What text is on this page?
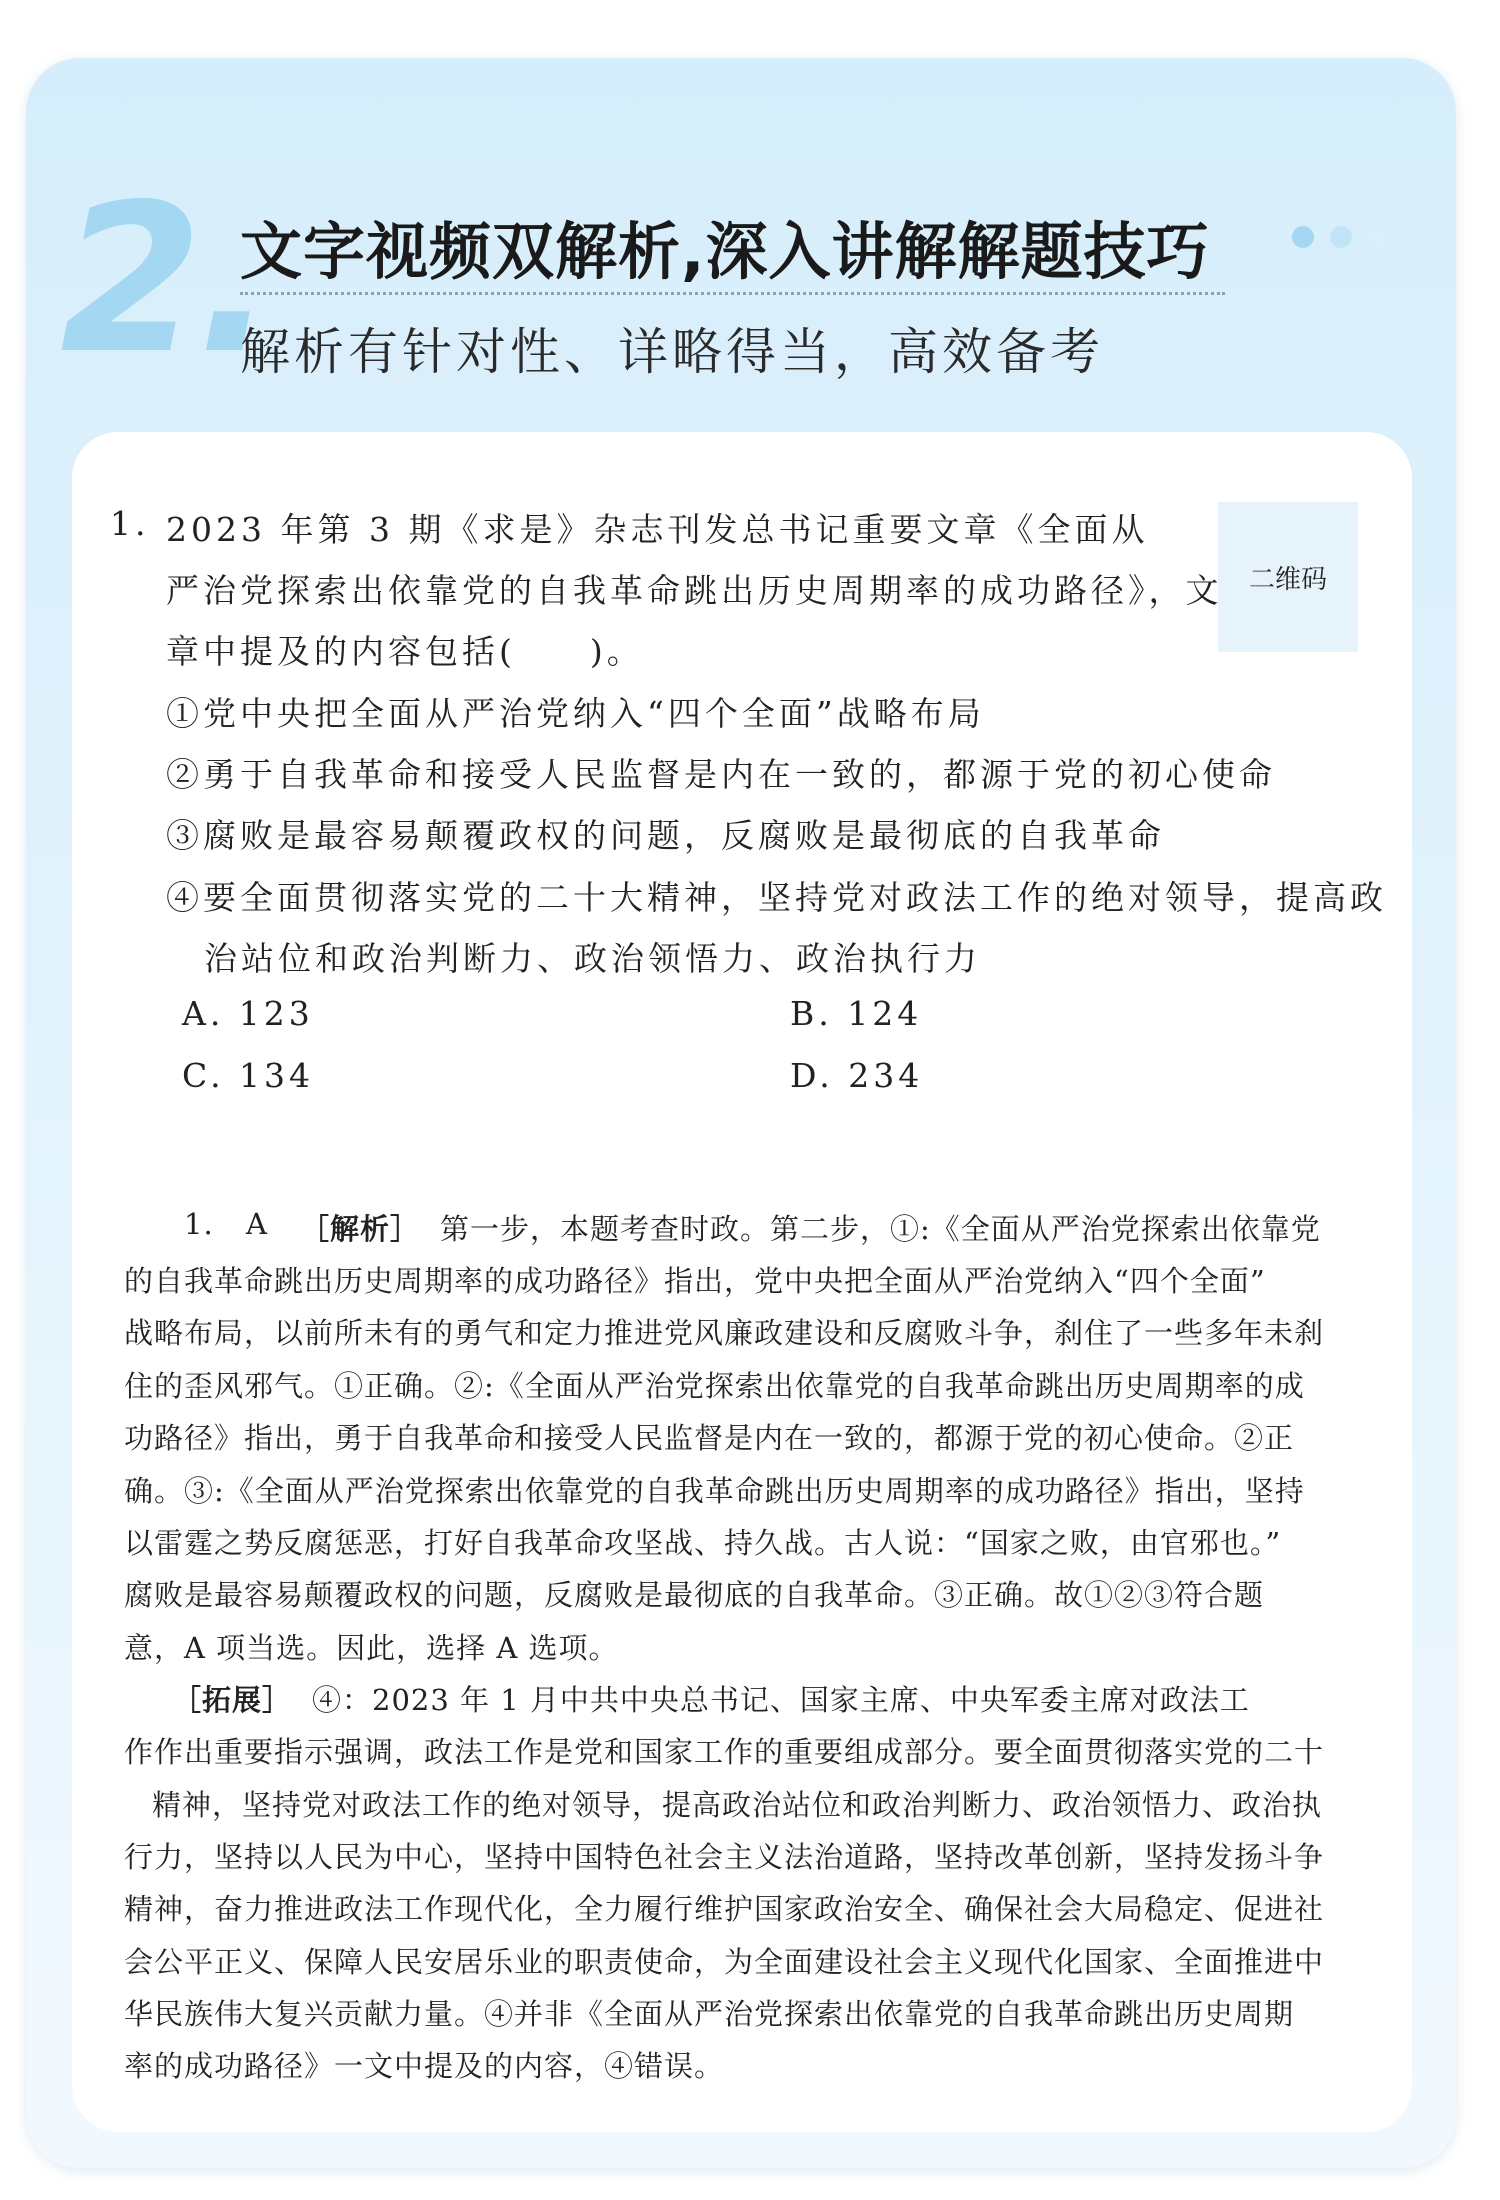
2.
文字视频双解析,深入讲解解题技巧
解析有针对性、详略得当，高效备考
二维码
1. 2023 年第 3 期《求是》杂志刊发总书记重要文章《全面从
严治党探索出依靠党的自我革命跳出历史周期率的成功路径》，文
章中提及的内容包括(　　)。
①党中央把全面从严治党纳入“四个全面”战略布局
②勇于自我革命和接受人民监督是内在一致的，都源于党的初心使命
③腐败是最容易颠覆政权的问题，反腐败是最彻底的自我革命
④要全面贯彻落实党的二十大精神，坚持党对政法工作的绝对领导，提高政
治站位和政治判断力、政治领悟力、政治执行力
A. 123	B. 124
C. 134	D. 234
1. A ［解析］ 第一步，本题考查时政。第二步，①:《全面从严治党探索出依靠党
的自我革命跳出历史周期率的成功路径》指出，党中央把全面从严治党纳入“四个全面”
战略布局，以前所未有的勇气和定力推进党风廉政建设和反腐败斗争，刹住了一些多年未刹
住的歪风邪气。①正确。②:《全面从严治党探索出依靠党的自我革命跳出历史周期率的成
功路径》指出，勇于自我革命和接受人民监督是内在一致的，都源于党的初心使命。②正
确。③:《全面从严治党探索出依靠党的自我革命跳出历史周期率的成功路径》指出，坚持
以雷霆之势反腐惩恶，打好自我革命攻坚战、持久战。古人说：“国家之败，由官邪也。”
腐败是最容易颠覆政权的问题，反腐败是最彻底的自我革命。③正确。故①②③符合题
意，A 项当选。因此，选择 A 选项。
［拓展］ ④：2023 年 1 月中共中央总书记、国家主席、中央军委主席对政法工
作作出重要指示强调，政法工作是党和国家工作的重要组成部分。要全面贯彻落实党的二十
精神，坚持党对政法工作的绝对领导，提高政治站位和政治判断力、政治领悟力、政治执
行力，坚持以人民为中心，坚持中国特色社会主义法治道路，坚持改革创新，坚持发扬斗争
精神，奋力推进政法工作现代化，全力履行维护国家政治安全、确保社会大局稳定、促进社
会公平正义、保障人民安居乐业的职责使命，为全面建设社会主义现代化国家、全面推进中
华民族伟大复兴贡献力量。④并非《全面从严治党探索出依靠党的自我革命跳出历史周期
率的成功路径》一文中提及的内容，④错误。
